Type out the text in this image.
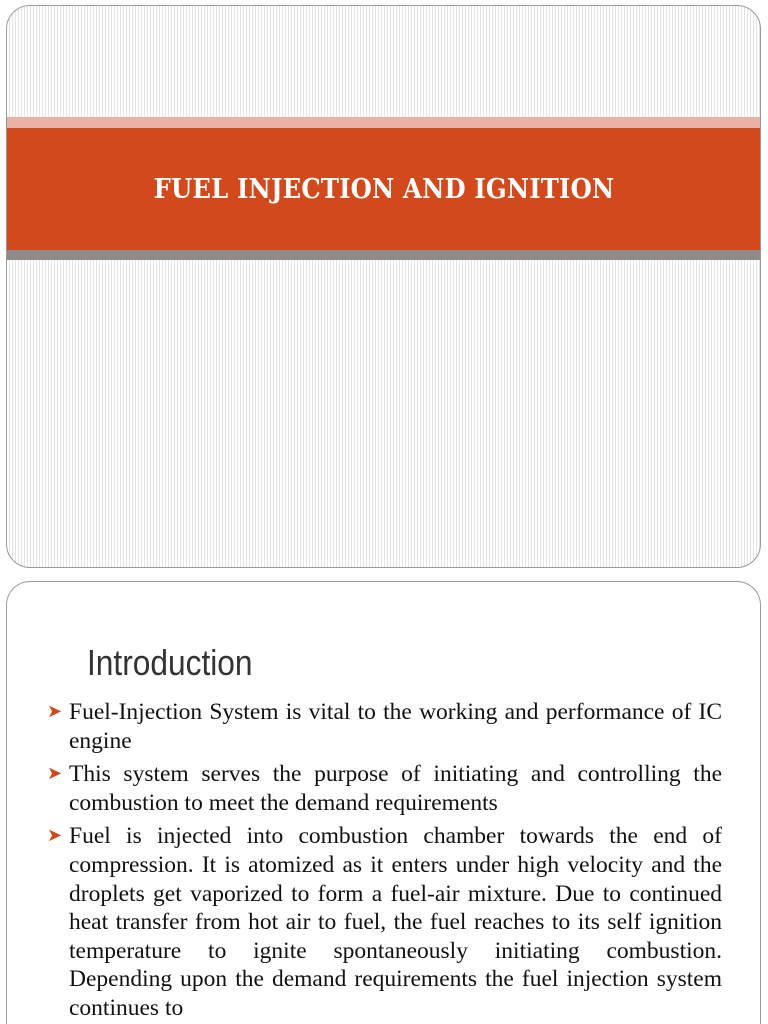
FUEL INJECTION AND IGNITION
Introduction
➤ Fuel-Injection System is vital to the working and performance of IC engine
➤ This system serves the purpose of initiating and controlling the combustion to meet the demand requirements
➤ Fuel is injected into combustion chamber towards the end of compression. It is atomized as it enters under high velocity and the droplets get vaporized to form a fuel-air mixture. Due to continued heat transfer from hot air to fuel, the fuel reaches to its self ignition temperature to ignite spontaneously initiating combustion. Depending upon the demand requirements the fuel injection system continues to
